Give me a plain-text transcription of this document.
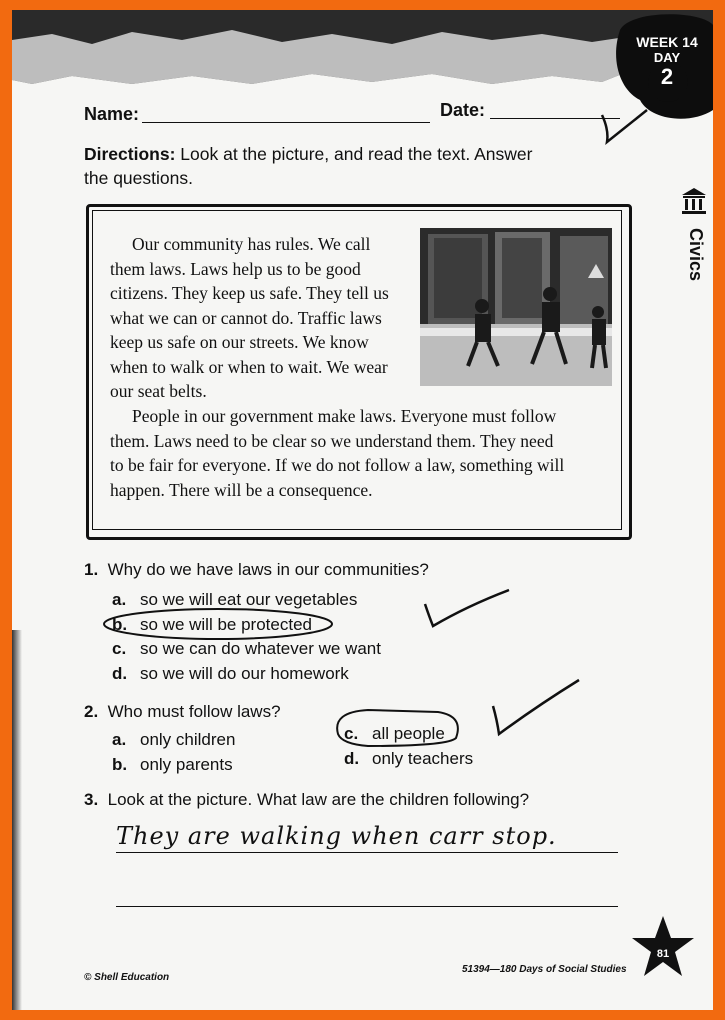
WEEK 14
DAY
2
Name:	Date:
Directions: Look at the picture, and read the text. Answer
the questions.
Civics
Our community has rules. We call
them laws. Laws help us to be good
citizens. They keep us safe. They tell us
what we can or cannot do. Traffic laws
keep us safe on our streets. We know
when to walk or when to wait. We wear
our seat belts.
People in our government make laws. Everyone must follow
them. Laws need to be clear so we understand them. They need
to be fair for everyone. If we do not follow a law, something will
happen. There will be a consequence.
1. Why do we have laws in our communities?
a. so we will eat our vegetables
b. so we will be protected
c. so we can do whatever we want
d. so we will do our homework
2. Who must follow laws?
a. only children
b. only parents
c. all people
d. only teachers
3. Look at the picture. What law are the children following?
They are walking when carr stop.
© Shell Education
51394—180 Days of Social Studies
81
